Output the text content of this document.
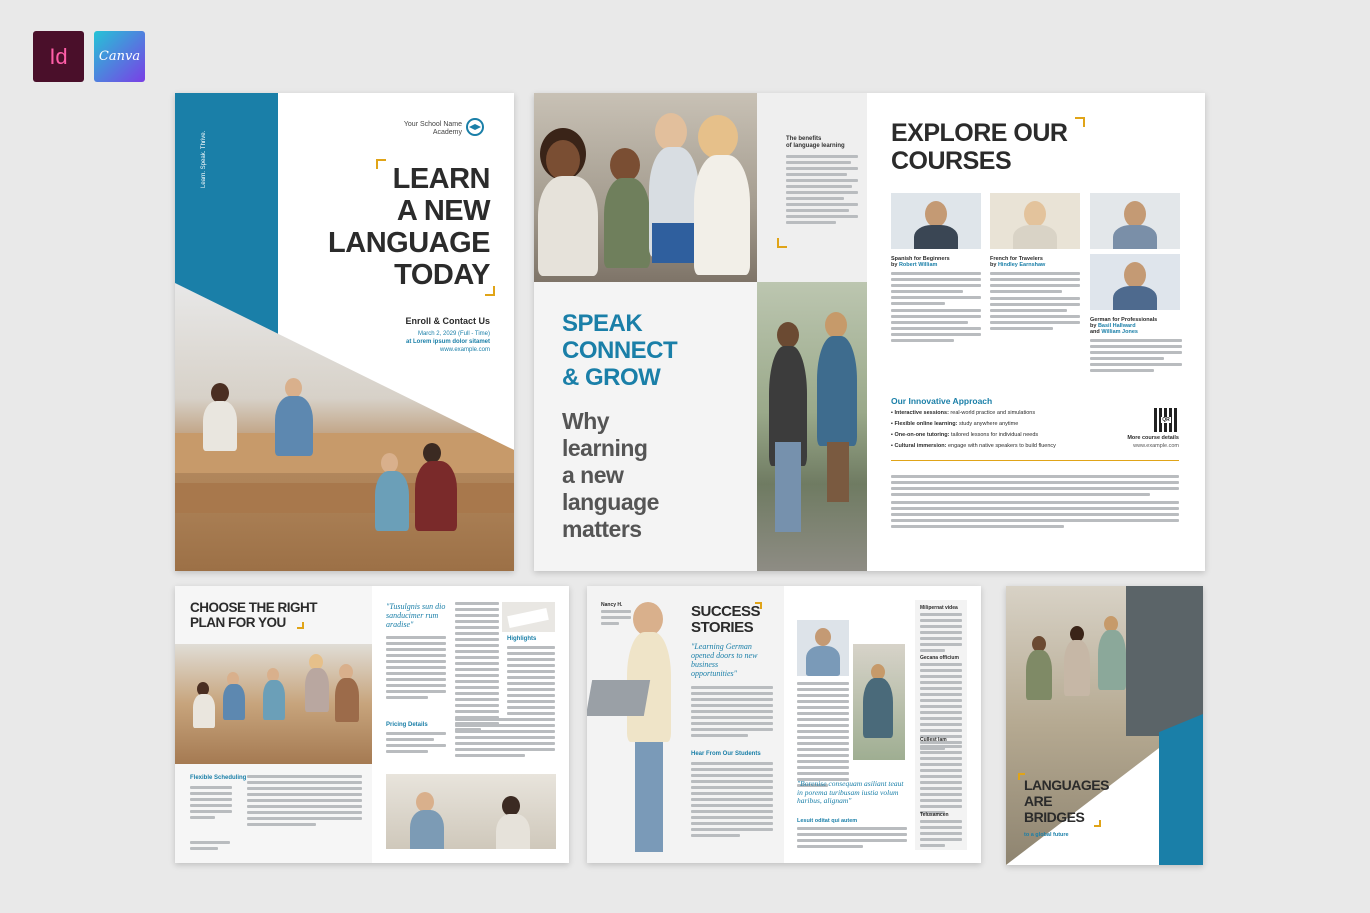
Id Canva
Learn. Speak. Thrive.
Your School Name
Academy
LEARN
A NEW
LANGUAGE
TODAY
Enroll & Contact Us
March 2, 2029 (Full - Time)
at Lorem ipsum dolor sitamet
www.example.com
The benefits
of language learning
SPEAK
CONNECT
& GROW
Why
learning
a new
language
matters
EXPLORE OUR
COURSES
Spanish for Beginners
by Robert William
French for Travelers
by Hindley Earnshaw
German for Professionals
by Basil Hallward
and William Jones
Our Innovative Approach
▪ Interactive sessions: real-world practice and simulations
▪ Flexible online learning: study anywhere anytime
▪ One-on-one tutoring: tailored lessons for individual needs
▪ Cultural immersion: engage with native speakers to build fluency
QR
More course details
www.example.com
CHOOSE THE RIGHT
PLAN FOR YOU
Flexible Scheduling
"Tusulgnis sun dio sanducimer rum aradise"
Highlights
Pricing Details
Nancy H.	SUCCESS
STORIES
"Learning German opened doors to new business opportunities"
Hear From Our Students
"Borenise consequam asiliant teaut in porema turibusam iustia volum haribus, alignam"
Lesuit oditat qui autem
Milipernat videa
Gecana officium
Cullest lam
Telusamcen
LANGUAGES
ARE
BRIDGES
to a global future
